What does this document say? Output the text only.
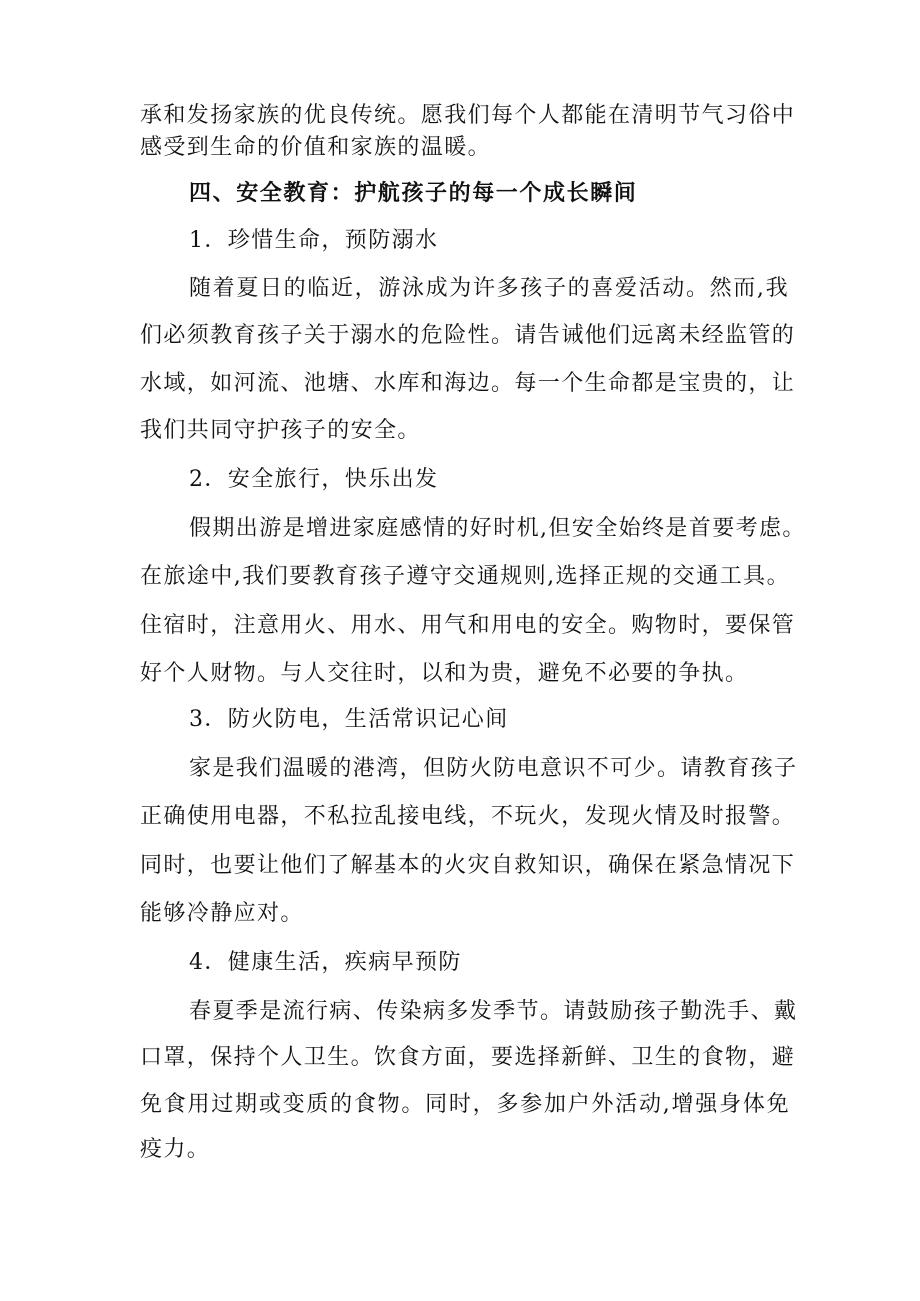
承和发扬家族的优良传统。愿我们每个人都能在清明节气习俗中
感受到生命的价值和家族的温暖。
四、安全教育：护航孩子的每一个成长瞬间
1．珍惜生命，预防溺水
随着夏日的临近，游泳成为许多孩子的喜爱活动。然而,我
们必须教育孩子关于溺水的危险性。请告诫他们远离未经监管的
水域，如河流、池塘、水库和海边。每一个生命都是宝贵的，让
我们共同守护孩子的安全。
2．安全旅行，快乐出发
假期出游是增进家庭感情的好时机,但安全始终是首要考虑。
在旅途中,我们要教育孩子遵守交通规则,选择正规的交通工具。
住宿时，注意用火、用水、用气和用电的安全。购物时，要保管
好个人财物。与人交往时，以和为贵，避免不必要的争执。
3．防火防电，生活常识记心间
家是我们温暖的港湾，但防火防电意识不可少。请教育孩子
正确使用电器，不私拉乱接电线，不玩火，发现火情及时报警。
同时，也要让他们了解基本的火灾自救知识，确保在紧急情况下
能够冷静应对。
4．健康生活，疾病早预防
春夏季是流行病、传染病多发季节。请鼓励孩子勤洗手、戴
口罩，保持个人卫生。饮食方面，要选择新鲜、卫生的食物，避
免食用过期或变质的食物。同时，多参加户外活动,增强身体免
疫力。
